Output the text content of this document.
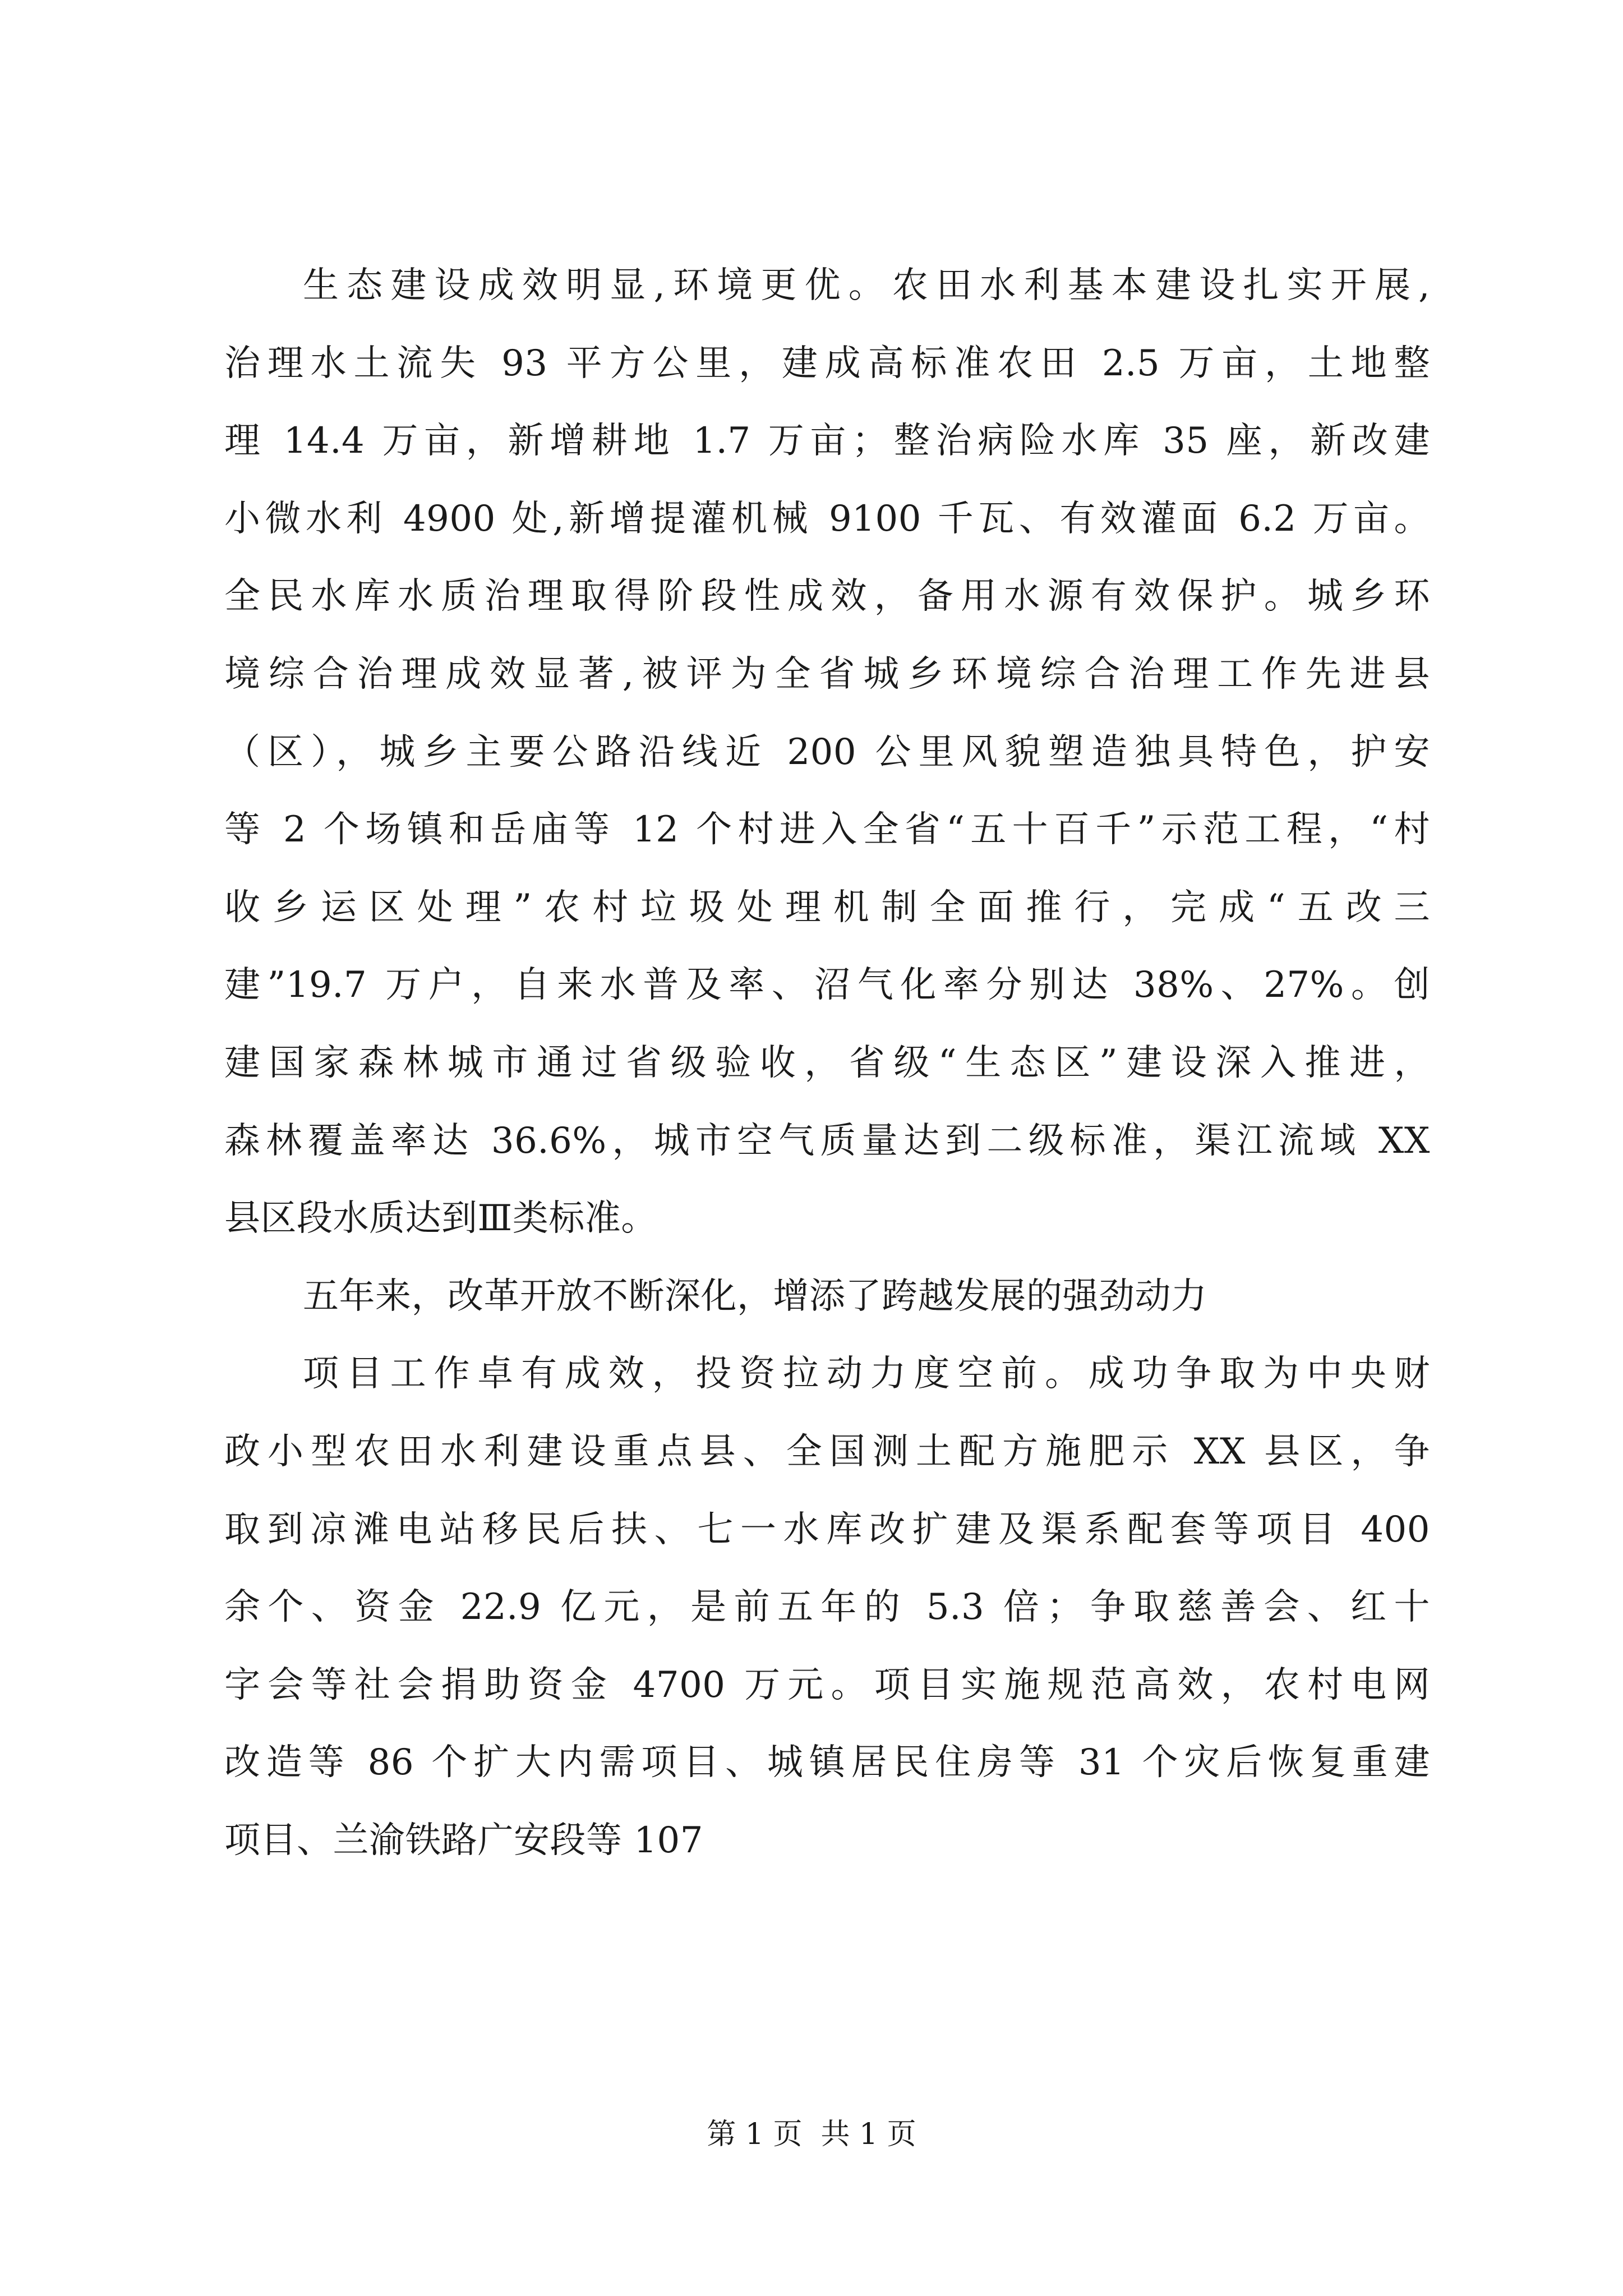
生态建设成效明显,环境更优。农田水利基本建设扎实开展,
治理水土流失 93 平方公里，建成高标准农田 2.5 万亩，土地整
理 14.4 万亩，新增耕地 1.7 万亩；整治病险水库 35 座，新改建
小微水利 4900 处,新增提灌机械 9100 千瓦、有效灌面 6.2 万亩。
全民水库水质治理取得阶段性成效，备用水源有效保护。城乡环
境综合治理成效显著,被评为全省城乡环境综合治理工作先进县
（区），城乡主要公路沿线近 200 公里风貌塑造独具特色，护安
等 2 个场镇和岳庙等 12 个村进入全省“五十百千”示范工程，“村
收乡运区处理”农村垃圾处理机制全面推行，完成“五改三
建”19.7 万户，自来水普及率、沼气化率分别达 38%、27%。创
建国家森林城市通过省级验收，省级“生态区”建设深入推进，
森林覆盖率达 36.6%，城市空气质量达到二级标准，渠江流域 XX
县区段水质达到Ⅲ类标准。
五年来，改革开放不断深化，增添了跨越发展的强劲动力
项目工作卓有成效，投资拉动力度空前。成功争取为中央财
政小型农田水利建设重点县、全国测土配方施肥示 XX 县区，争
取到凉滩电站移民后扶、七一水库改扩建及渠系配套等项目 400
余个、资金 22.9 亿元，是前五年的 5.3 倍；争取慈善会、红十
字会等社会捐助资金 4700 万元。项目实施规范高效，农村电网
改造等 86 个扩大内需项目、城镇居民住房等 31 个灾后恢复重建
项目、兰渝铁路广安段等 107
第 1 页  共 1 页
